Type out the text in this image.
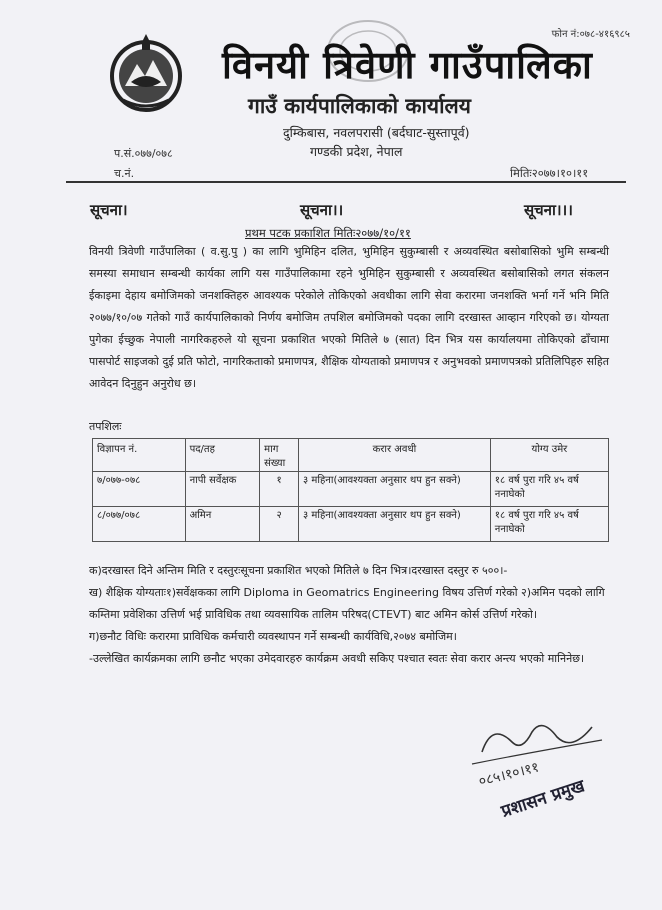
फोन नं:०७८-४१६९८५
विनयी त्रिवेणी गाउँपालिका
गाउँ कार्यपालिकाको कार्यालय
दुम्किबास, नवलपरासी (बर्दघाट-सुस्तापूर्व)
गण्डकी प्रदेश, नेपाल
प.सं.०७७/०७८
च.नं.	मितिः२०७७।१०।११
सूचना।	सूचना।।	सूचना।।।
प्रथम पटक प्रकाशित मितिः२०७७/१०/११
विनयी त्रिवेणी गाउँपालिका ( व.सु.पु ) का लागि भुमिहिन दलित, भुमिहिन सुकुम्बासी र अव्यवस्थित बसोबासिको भुमि सम्बन्धी समस्या समाधान सम्बन्धी कार्यका लागि यस गाउँपालिकामा रहने भुमिहिन सुकुम्बासी र अव्यवस्थित बसोबासिको लगत संकलन ईकाइमा देहाय बमोजिमको जनशक्तिहरु आवश्यक परेकोले तोकिएको अवधीका लागि सेवा करारमा जनशक्ति भर्ना गर्ने भनि मिति २०७७/१०/०७ गतेको गाउँ कार्यपालिकाको निर्णय बमोजिम तपशिल बमोजिमको पदका लागि दरखास्त आव्हान गरिएको छ। योग्यता पुगेका ईच्छुक नेपाली नागरिकहरुले यो सूचना प्रकाशित भएको मितिले ७ (सात) दिन भित्र यस कार्यालयमा तोकिएको ढाँचामा पासपोर्ट साइजको दुई प्रति फोटो, नागरिकताको प्रमाणपत्र, शैक्षिक योग्यताको प्रमाणपत्र र अनुभवको प्रमाणपत्रको प्रतिलिपिहरु सहित आवेदन दिनुहुन अनुरोध छ।
तपशिलः
विज्ञापन नं.	पद/तह	माग संख्या	करार अवधी	योग्य उमेर
७/०७७-०७८	नापी सर्वेक्षक	१	३ महिना(आवश्यक्ता अनुसार थप हुन सक्ने)	१८ वर्ष पुरा गरि ४५ वर्ष ननाघेको
८/०७७/०७८	अमिन	२	३ महिना(आवश्यक्ता अनुसार थप हुन सक्ने)	१८ वर्ष पुरा गरि ४५ वर्ष ननाघेको

क)दरखास्त दिने अन्तिम मिति र दस्तुरःसूचना प्रकाशित भएको मितिले ७ दिन भित्र।दरखास्त दस्तुर रु ५००।-

ख) शैक्षिक योग्यताः१)सर्वेक्षकका लागि Diploma in Geomatrics Engineering विषय उत्तिर्ण गरेको २)अमिन पदको लागि कम्तिमा प्रवेशिका उत्तिर्ण भई प्राविधिक तथा व्यवसायिक तालिम परिषद(CTEVT) बाट अमिन कोर्स उत्तिर्ण गरेको।

ग)छनौट विधिः करारमा प्राविधिक कर्मचारी व्यवस्थापन गर्ने सम्बन्धी कार्यविधि,२०७४ बमोजिम।

-उल्लेखित कार्यक्रमका लागि छनौट भएका उमेदवारहरु कार्यक्रम अवधी सकिए पश्चात स्वतः सेवा करार अन्त्य भएको मानिनेछ।

०८५।१०।११
प्रशासन प्रमुख
